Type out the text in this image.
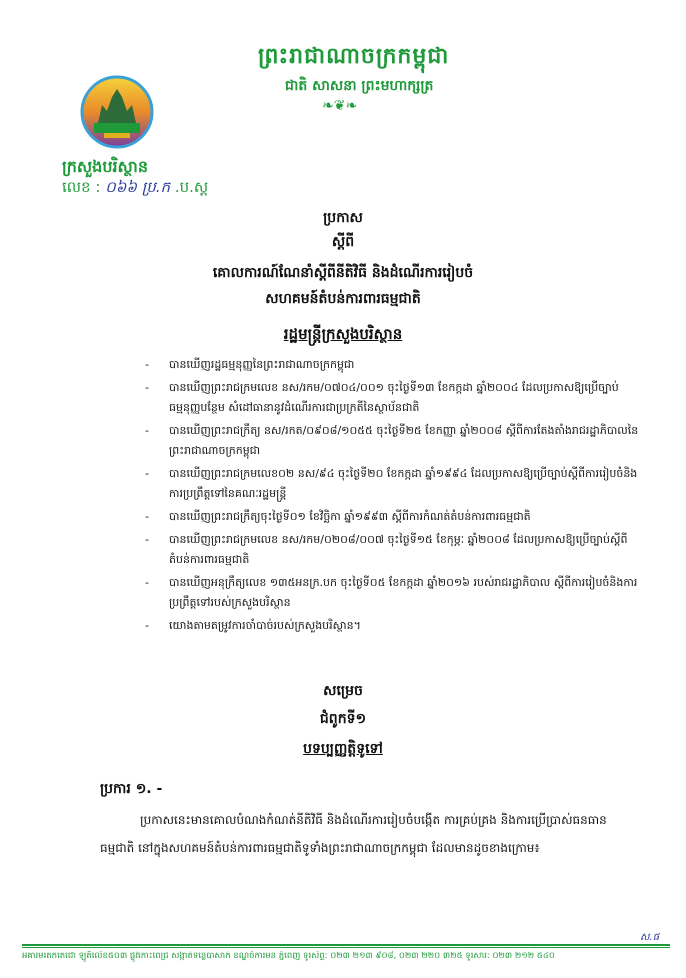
ព្រះរាជាណាចក្រកម្ពុជា
ជាតិ សាសនា ព្រះមហាក្សត្រ
❧❦❧
ក្រសួងបរិស្ថាន
លេខ : ០៦៦ ប្រ.ក .ប.ស្ត
ប្រកាស
ស្តីពី
គោលការណ៍ណែនាំស្តីពីនីតិវិធី និងដំណើរការរៀបចំ
សហគមន៍តំបន់ការពារធម្មជាតិ
រដ្ឋមន្ត្រីក្រសួងបរិស្ថាន
- បានឃើញរដ្ឋធម្មនុញ្ញនៃព្រះរាជាណាចក្រកម្ពុជា
- បានឃើញព្រះរាជក្រមលេខ នស/រកម/០៧០៤/០០១ ចុះថ្ងៃទី១៣ ខែកក្កដា ឆ្នាំ២០០៤ ដែលប្រកាសឱ្យប្រើច្បាប់ធម្មនុញ្ញបន្ថែម សំដៅធានានូវដំណើរការជាប្រក្រតីនៃស្ថាប័នជាតិ
- បានឃើញព្រះរាជក្រឹត្យ នស/រកត/០៩០៨/១០៥៥ ចុះថ្ងៃទី២៥ ខែកញ្ញា ឆ្នាំ២០០៨ ស្តីពីការតែងតាំងរាជរដ្ឋាភិបាលនៃព្រះរាជាណាចក្រកម្ពុជា
- បានឃើញព្រះរាជក្រមលេខ០២ នស/៩៤ ចុះថ្ងៃទី២០ ខែកក្កដា ឆ្នាំ១៩៩៤ ដែលប្រកាសឱ្យប្រើច្បាប់ស្តីពីការរៀបចំនិងការប្រព្រឹត្តទៅនៃគណៈរដ្ឋមន្ត្រី
- បានឃើញព្រះរាជក្រឹត្យចុះថ្ងៃទី០១ ខែវិច្ឆិកា ឆ្នាំ១៩៩៣ ស្តីពីការកំណត់តំបន់ការពារធម្មជាតិ
- បានឃើញព្រះរាជក្រមលេខ នស/រកម/០២០៨/០០៧ ចុះថ្ងៃទី១៥ ខែកុម្ភៈ ឆ្នាំ២០០៨ ដែលប្រកាសឱ្យប្រើច្បាប់ស្តីពីតំបន់ការពារធម្មជាតិ
- បានឃើញអនុក្រឹត្យលេខ ១៣៥អនក្រ.បក ចុះថ្ងៃទី០៥ ខែកក្កដា ឆ្នាំ២០១៦ របស់រាជរដ្ឋាភិបាល ស្តីពីការរៀបចំនិងការប្រព្រឹត្តទៅរបស់ក្រសួងបរិស្ថាន
- យោងតាមតម្រូវការចាំបាច់របស់ក្រសួងបរិស្ថាន។
សម្រេច
ជំពូកទី១
បទប្បញ្ញត្តិទូទៅ
ប្រការ ១. -
ប្រកាសនេះមានគោលបំណងកំណត់នីតិវិធី និងដំណើរការរៀបចំបង្កើត ការគ្រប់គ្រង និងការប្រើប្រាស់ធនធានធម្មជាតិ នៅក្នុងសហគមន៍តំបន់ការពារធម្មជាតិទូទាំងព្រះរាជាណាចក្រកម្ពុជា ដែលមានដូចខាងក្រោម៖
ស.ផ
អគារមរតកតេជោ ឡូតិ៍ល័េខ៥០៣ ផ្លូវកោះពេជ្រ សង្កាត់ទន្លេបាសាក់ ខណ្ឌចំការមន ភ្នំពេញ ទូរស័ព្ទ: ០២៣ ២១៣ ៩០៨, ០២៣ ២២០ ៣២៥ ទូរសារ: ០២៣ ២១២ ៥៤០
